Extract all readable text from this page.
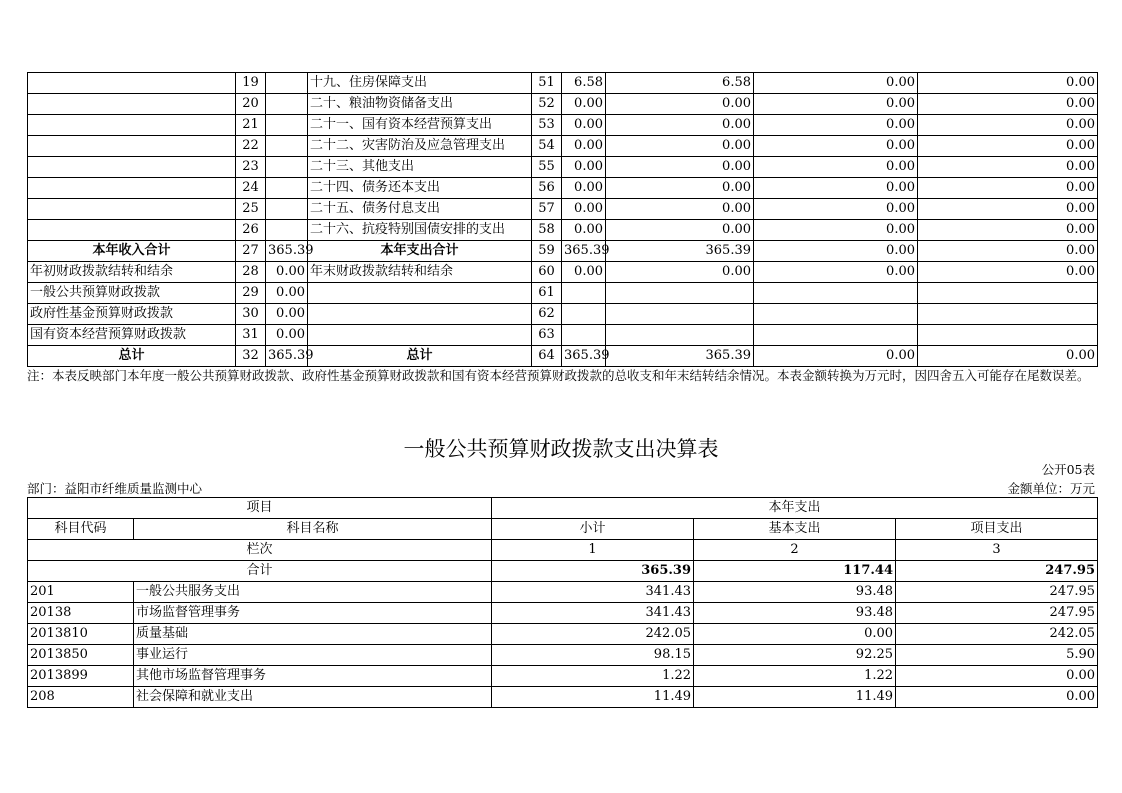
	19		十九、住房保障支出	51	6.58	6.58	0.00	0.00
	20		二十、粮油物资储备支出	52	0.00	0.00	0.00	0.00
	21		二十一、国有资本经营预算支出	53	0.00	0.00	0.00	0.00
	22		二十二、灾害防治及应急管理支出	54	0.00	0.00	0.00	0.00
	23		二十三、其他支出	55	0.00	0.00	0.00	0.00
	24		二十四、债务还本支出	56	0.00	0.00	0.00	0.00
	25		二十五、债务付息支出	57	0.00	0.00	0.00	0.00
	26		二十六、抗疫特别国债安排的支出	58	0.00	0.00	0.00	0.00
本年收入合计	27	365.39	本年支出合计	59	365.39	365.39	0.00	0.00
年初财政拨款结转和结余	28	0.00	年末财政拨款结转和结余	60	0.00	0.00	0.00	0.00
一般公共预算财政拨款	29	0.00		61				
政府性基金预算财政拨款	30	0.00		62				
国有资本经营预算财政拨款	31	0.00		63				
总计	32	365.39	总计	64	365.39	365.39	0.00	0.00
注：本表反映部门本年度一般公共预算财政拨款、政府性基金预算财政拨款和国有资本经营预算财政拨款的总收支和年末结转结余情况。本表金额转换为万元时，因四舍五入可能存在尾数误差。
一般公共预算财政拨款支出决算表
公开05表
部门：益阳市纤维质量监测中心	金额单位：万元
项目		本年支出		
科目代码	科目名称	小计	基本支出	项目支出
栏次		1	2	3
合计		365.39	117.44	247.95
201	一般公共服务支出	341.43	93.48	247.95
20138	市场监督管理事务	341.43	93.48	247.95
2013810	质量基础	242.05	0.00	242.05
2013850	事业运行	98.15	92.25	5.90
2013899	其他市场监督管理事务	1.22	1.22	0.00
208	社会保障和就业支出	11.49	11.49	0.00
